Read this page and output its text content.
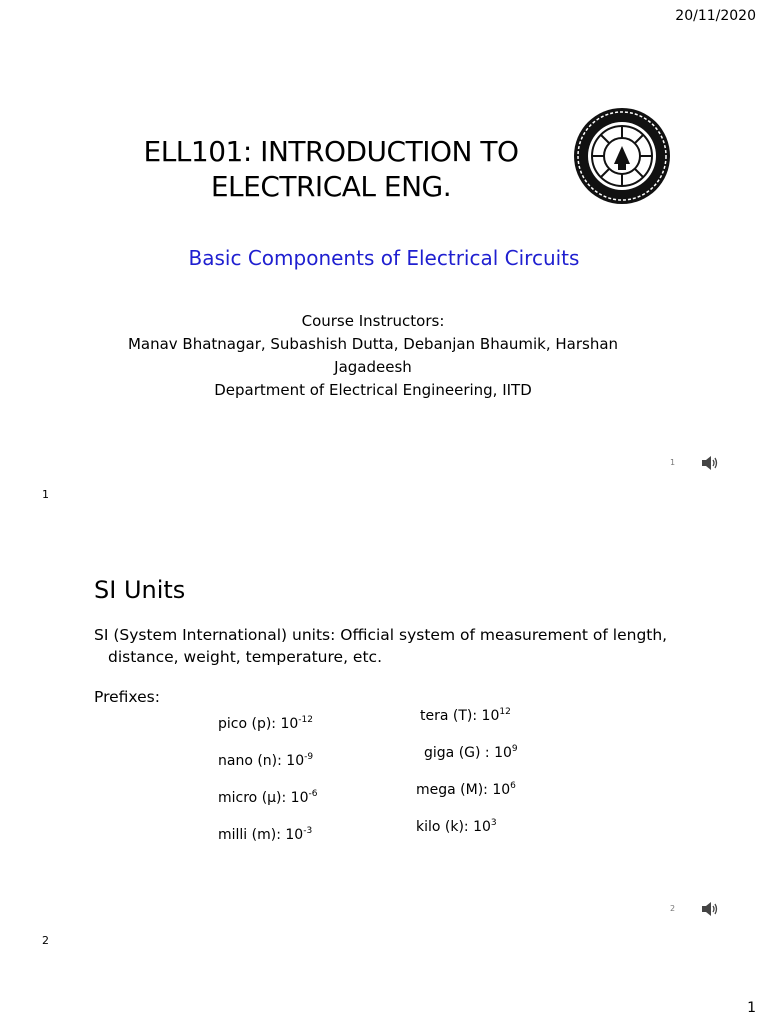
20/11/2020
ELL101: INTRODUCTION TO
ELECTRICAL ENG.
Basic Components of Electrical Circuits
Course Instructors:
Manav Bhatnagar, Subashish Dutta, Debanjan Bhaumik, Harshan Jagadeesh
Department of Electrical Engineering, IITD
1
1
SI Units
SI (System International) units: Official system of measurement of length, distance, weight, temperature, etc.
Prefixes:
pico (p): $10^{-12}$
nano (n): $10^{-9}$
micro (μ): $10^{-6}$
milli (m): $10^{-3}$
tera (T): $10^{12}$
giga (G) : $10^9$
mega (M): $10^6$
kilo (k): $10^3$
2
2
1
